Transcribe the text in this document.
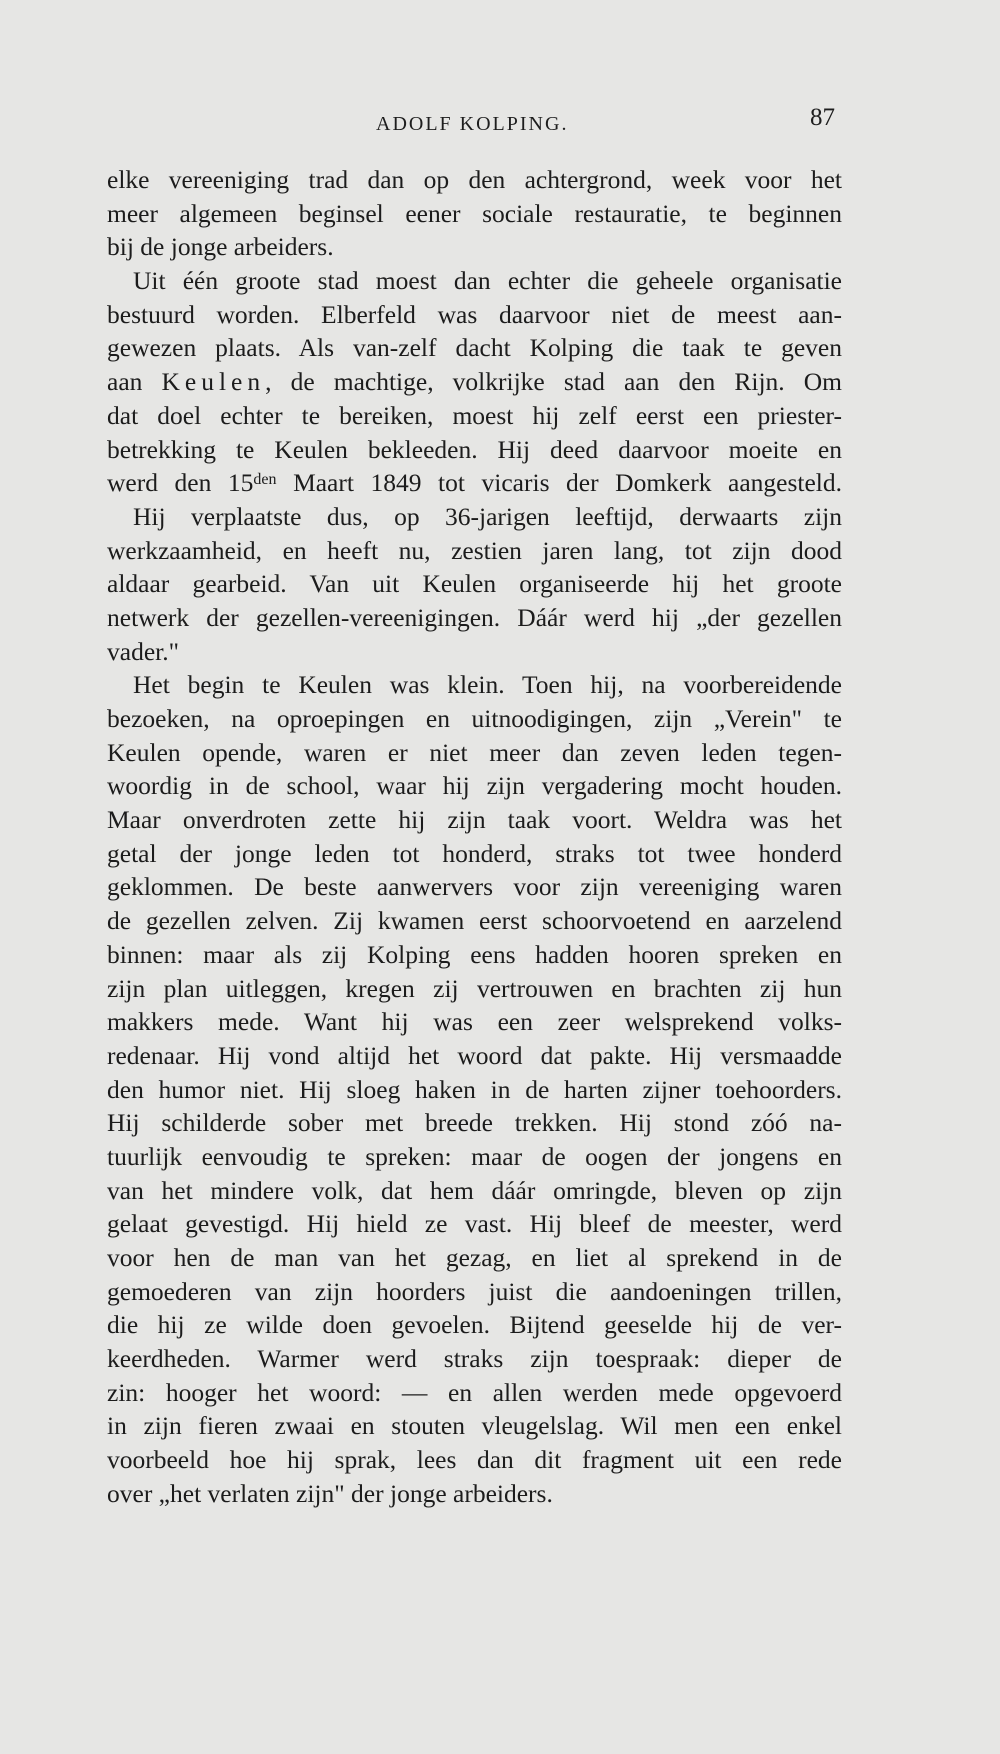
ADOLF KOLPING.	87
elke vereeniging trad dan op den achtergrond, week voor het
meer algemeen beginsel eener sociale restauratie, te beginnen
bij de jonge arbeiders.
Uit één groote stad moest dan echter die geheele organisatie
bestuurd worden. Elberfeld was daarvoor niet de meest aan-
gewezen plaats. Als van-zelf dacht Kolping die taak te geven
aan Keulen, de machtige, volkrijke stad aan den Rijn. Om
dat doel echter te bereiken, moest hij zelf eerst een priester-
betrekking te Keulen bekleeden. Hij deed daarvoor moeite en
werd den $15^{den}$ Maart 1849 tot vicaris der Domkerk aangesteld.
Hij verplaatste dus, op 36-jarigen leeftijd, derwaarts zijn
werkzaamheid, en heeft nu, zestien jaren lang, tot zijn dood
aldaar gearbeid. Van uit Keulen organiseerde hij het groote
netwerk der gezellen-vereenigingen. Dáár werd hij „der gezellen
vader."
Het begin te Keulen was klein. Toen hij, na voorbereidende
bezoeken, na oproepingen en uitnoodigingen, zijn „Verein" te
Keulen opende, waren er niet meer dan zeven leden tegen-
woordig in de school, waar hij zijn vergadering mocht houden.
Maar onverdroten zette hij zijn taak voort. Weldra was het
getal der jonge leden tot honderd, straks tot twee honderd
geklommen. De beste aanwervers voor zijn vereeniging waren
de gezellen zelven. Zij kwamen eerst schoorvoetend en aarzelend
binnen: maar als zij Kolping eens hadden hooren spreken en
zijn plan uitleggen, kregen zij vertrouwen en brachten zij hun
makkers mede. Want hij was een zeer welsprekend volks-
redenaar. Hij vond altijd het woord dat pakte. Hij versmaadde
den humor niet. Hij sloeg haken in de harten zijner toehoorders.
Hij schilderde sober met breede trekken. Hij stond zóó na-
tuurlijk eenvoudig te spreken: maar de oogen der jongens en
van het mindere volk, dat hem dáár omringde, bleven op zijn
gelaat gevestigd. Hij hield ze vast. Hij bleef de meester, werd
voor hen de man van het gezag, en liet al sprekend in de
gemoederen van zijn hoorders juist die aandoeningen trillen,
die hij ze wilde doen gevoelen. Bijtend geeselde hij de ver-
keerdheden. Warmer werd straks zijn toespraak: dieper de
zin: hooger het woord: — en allen werden mede opgevoerd
in zijn fieren zwaai en stouten vleugelslag. Wil men een enkel
voorbeeld hoe hij sprak, lees dan dit fragment uit een rede
over „het verlaten zijn" der jonge arbeiders.
